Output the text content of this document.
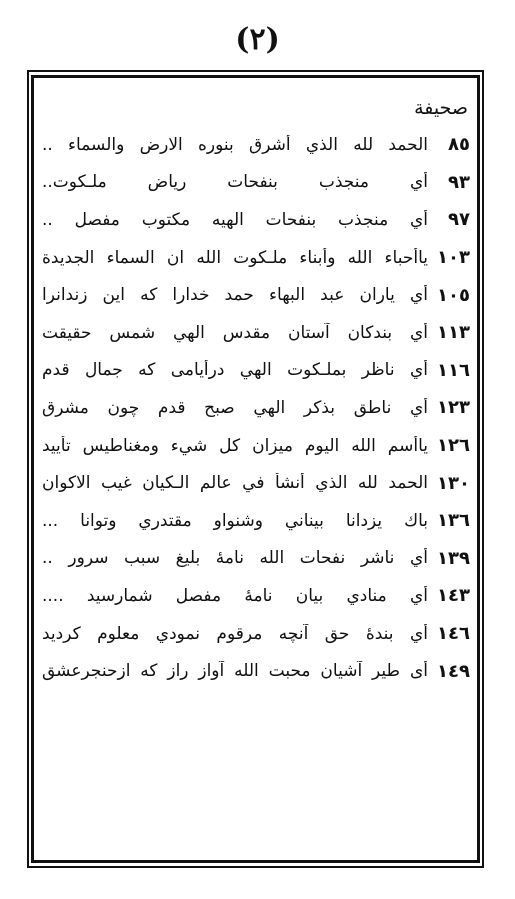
(٢)
صحيفة
٨٥
الحمد لله الذي أشرق بنوره الارض والسماء ..
٩٣
أي منجذب بنفحات رياض ملـكوت..
٩٧
أي منجذب بنفحات الهيه مكتوب مفصل ..
١٠٣
ياأحباء الله وأبناء ملـكوت الله ان السماء الجديدة
١٠٥
أي ياران عبد البهاء حمد خدارا كه اين زندانرا
١١٣
أي بندكان آستان مقدس الهي شمس حقيقت
١١٦
أي ناظر بملـكوت الهي درأيامى كه جمال قدم
١٢٣
أي ناطق بذكر الهي صبح قدم چون مشرق
١٢٦
ياأسم الله اليوم ميزان كل شيء ومغناطيس تأييد
١٣٠
الحمد لله الذي أنشأ في عالم الـكيان غيب الاكوان
١٣٦
باك يزدانا بيناني وشنواو مقتدري وتوانا ...
١٣٩
أي ناشر نفحات الله نامهٔ بليغ سبب سرور ..
١٤٣
أي منادي بيان نامهٔ مفصل شمارسيد ....
١٤٦
أي بندهٔ حق آنچه مرقوم نمودي معلوم كرديد
١٤٩
أى طير آشيان محبت الله آواز راز كه ازحنجرعشق
